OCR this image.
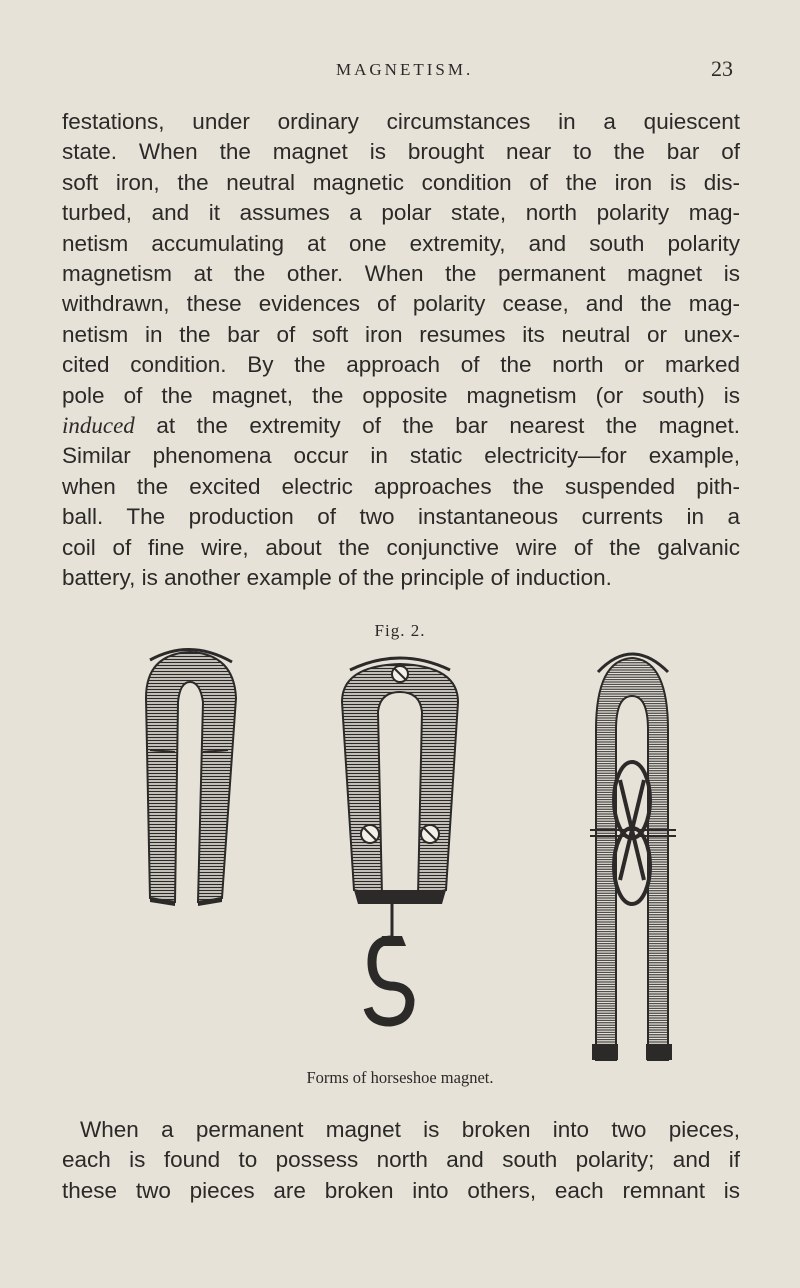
MAGNETISM.	23

festations, under ordinary circumstances in a quiescent
state. When the magnet is brought near to the bar of
soft iron, the neutral magnetic condition of the iron is dis-
turbed, and it assumes a polar state, north polarity mag-
netism accumulating at one extremity, and south polarity
magnetism at the other. When the permanent magnet is
withdrawn, these evidences of polarity cease, and the mag-
netism in the bar of soft iron resumes its neutral or unex-
cited condition. By the approach of the north or marked
pole of the magnet, the opposite magnetism (or south) is
induced at the extremity of the bar nearest the magnet.
Similar phenomena occur in static electricity—for example,
when the excited electric approaches the suspended pith-
ball. The production of two instantaneous currents in a
coil of fine wire, about the conjunctive wire of the galvanic
battery, is another example of the principle of induction.

Fig. 2.
Forms of horseshoe magnet.

When a permanent magnet is broken into two pieces,
each is found to possess north and south polarity; and if
these two pieces are broken into others, each remnant is
